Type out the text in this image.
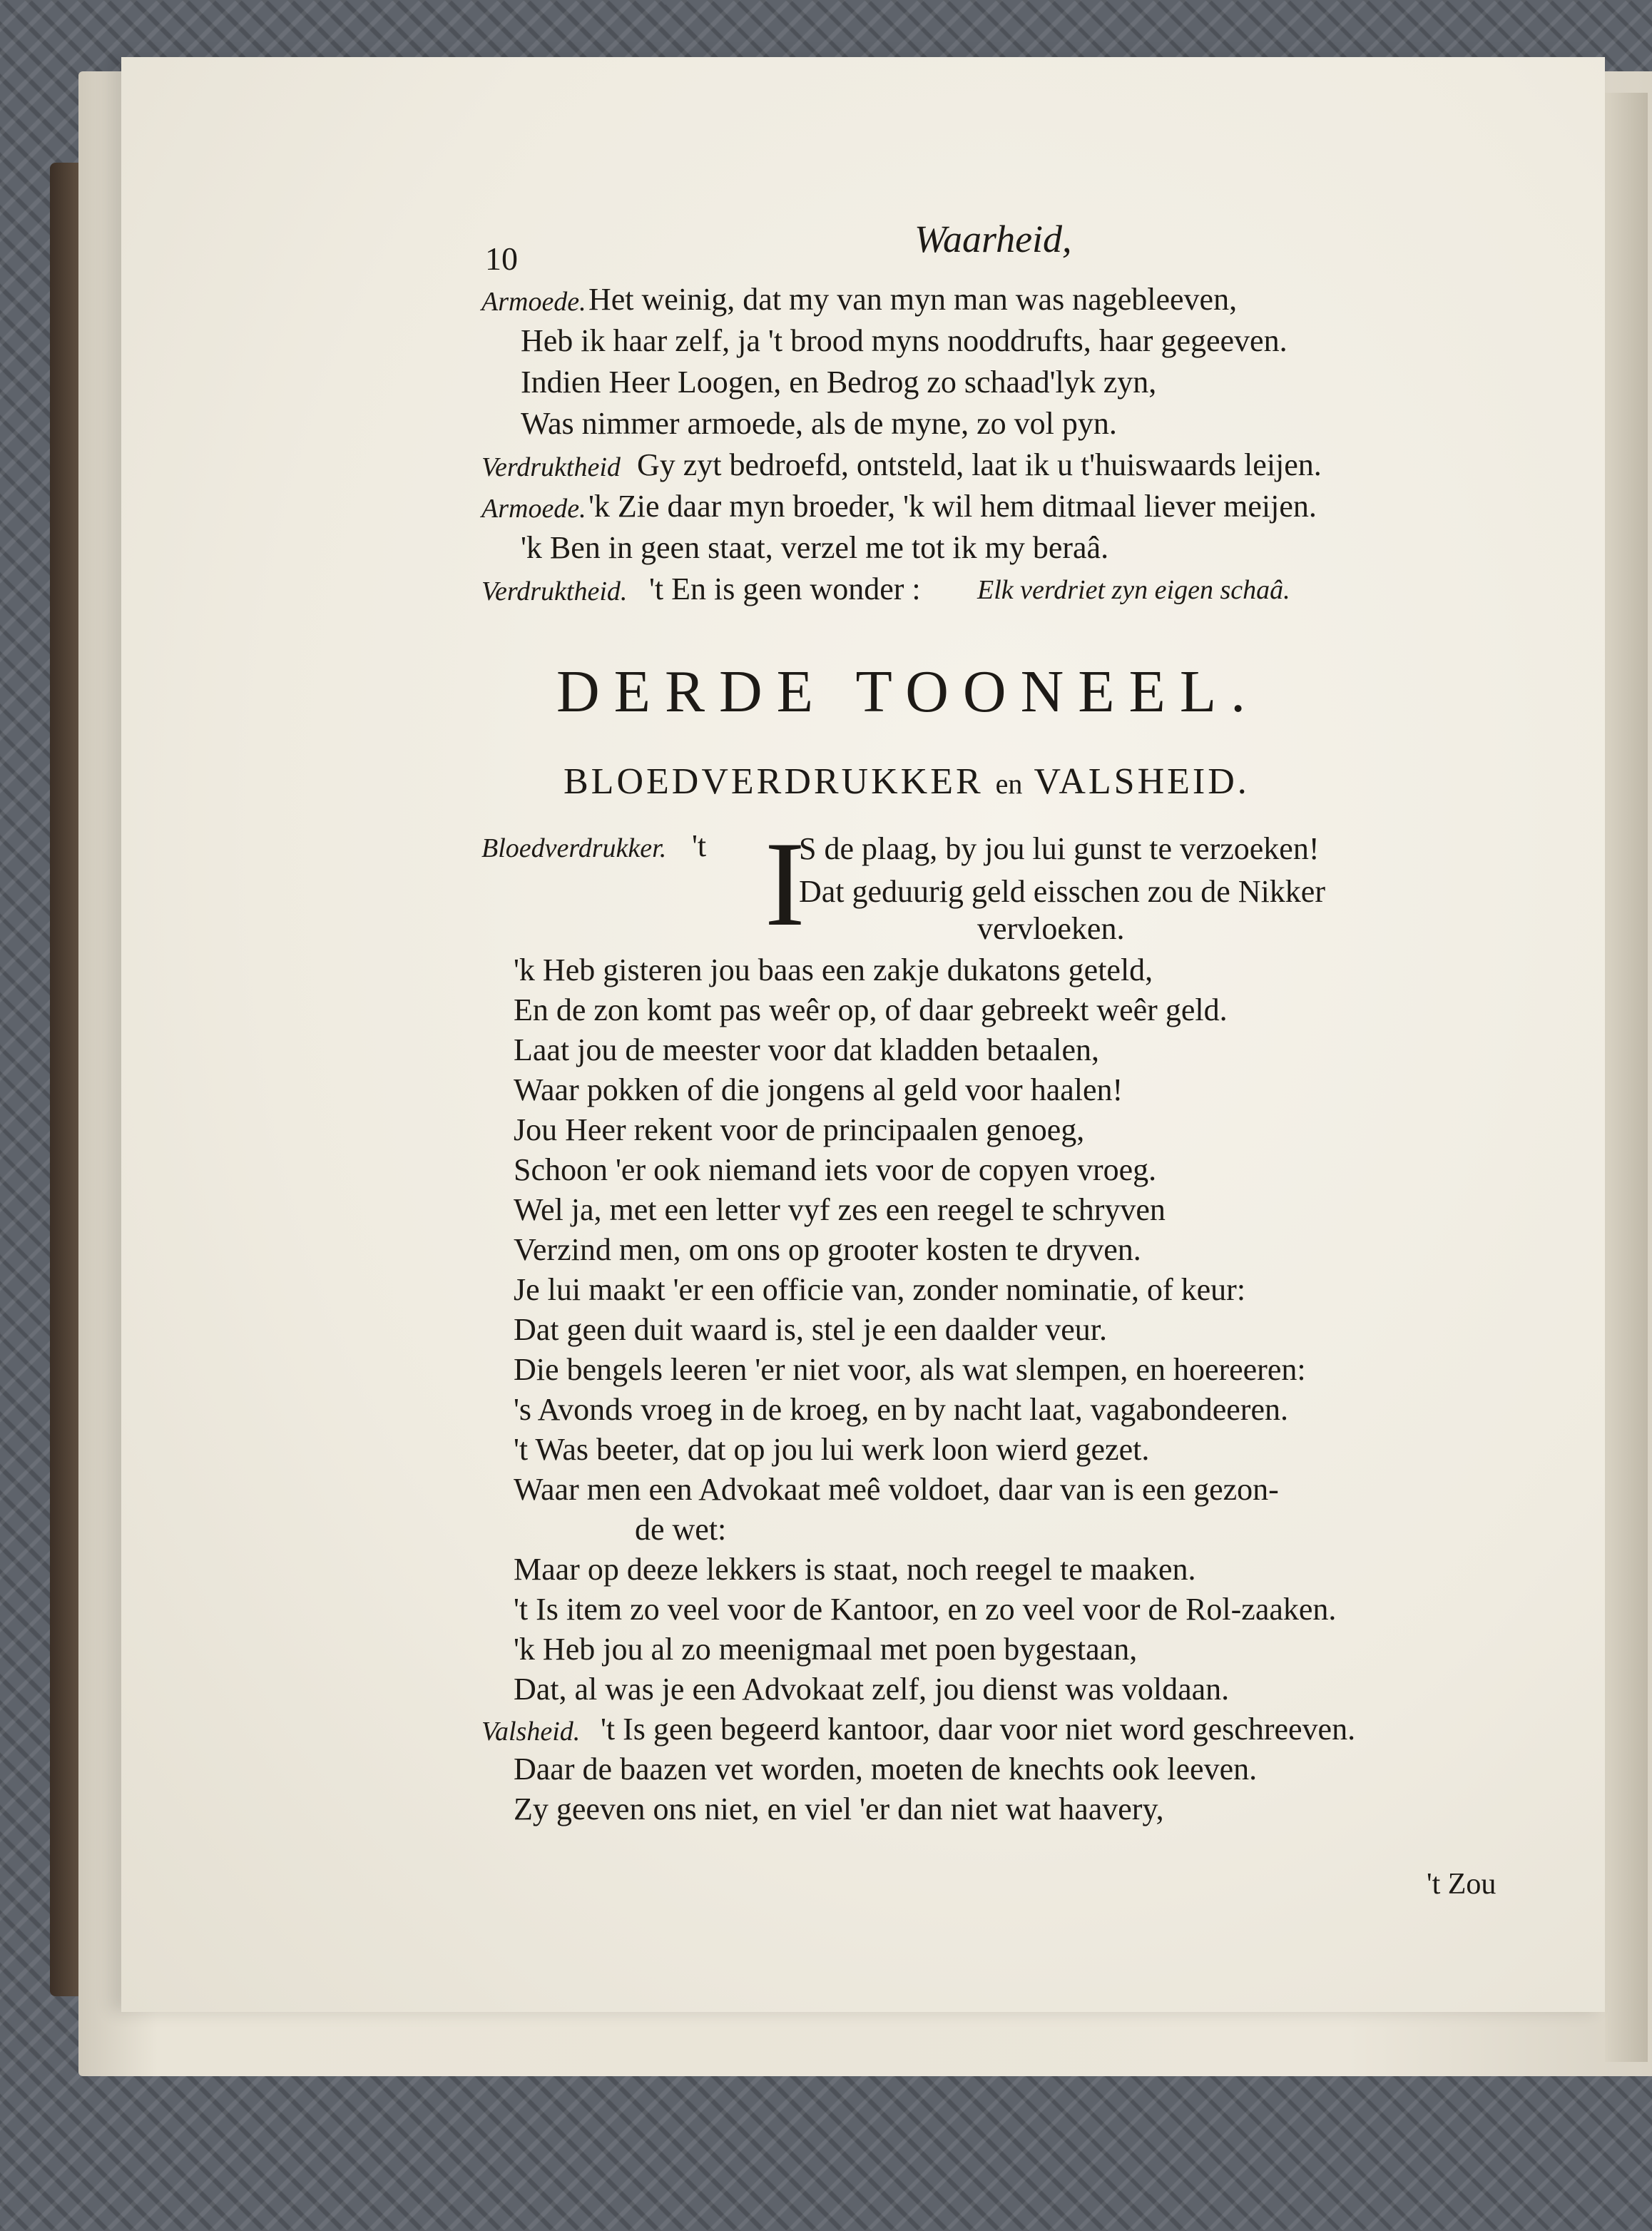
10	Waarheid,
Armoede. Het weinig, dat my van myn man was nagebleeven,
Heb ik haar zelf, ja 't brood myns nooddrufts, haar gegeeven.
Indien Heer Loogen, en Bedrog zo schaad'lyk zyn,
Was nimmer armoede, als de myne, zo vol pyn.
Verdruktheid Gy zyt bedroefd, ontsteld, laat ik u t'huiswaards leijen.
Armoede. 'k Zie daar myn broeder, 'k wil hem ditmaal liever meijen.
'k Ben in geen staat, verzel me tot ik my beraâ.
Verdruktheid. 't En is geen wonder : Elk verdriet zyn eigen schaâ.
DERDE TOONEEL.
BLOEDVERDRUKKER en VALSHEID.
Bloedverdrukker. 't I
S de plaag, by jou lui gunst te verzoeken!
Dat geduurig geld eisschen zou de Nikker
vervloeken.
'k Heb gisteren jou baas een zakje dukatons geteld,
En de zon komt pas weêr op, of daar gebreekt weêr geld.
Laat jou de meester voor dat kladden betaalen,
Waar pokken of die jongens al geld voor haalen!
Jou Heer rekent voor de principaalen genoeg,
Schoon 'er ook niemand iets voor de copyen vroeg.
Wel ja, met een letter vyf zes een reegel te schryven
Verzind men, om ons op grooter kosten te dryven.
Je lui maakt 'er een officie van, zonder nominatie, of keur:
Dat geen duit waard is, stel je een daalder veur.
Die bengels leeren 'er niet voor, als wat slempen, en hoereeren:
's Avonds vroeg in de kroeg, en by nacht laat, vagabondeeren.
't Was beeter, dat op jou lui werk loon wierd gezet.
Waar men een Advokaat meê voldoet, daar van is een gezon-
de wet:
Maar op deeze lekkers is staat, noch reegel te maaken.
't Is item zo veel voor de Kantoor, en zo veel voor de Rol-zaaken.
'k Heb jou al zo meenigmaal met poen bygestaan,
Dat, al was je een Advokaat zelf, jou dienst was voldaan.
Valsheid. 't Is geen begeerd kantoor, daar voor niet word geschreeven.
Daar de baazen vet worden, moeten de knechts ook leeven.
Zy geeven ons niet, en viel 'er dan niet wat haavery,
't Zou
